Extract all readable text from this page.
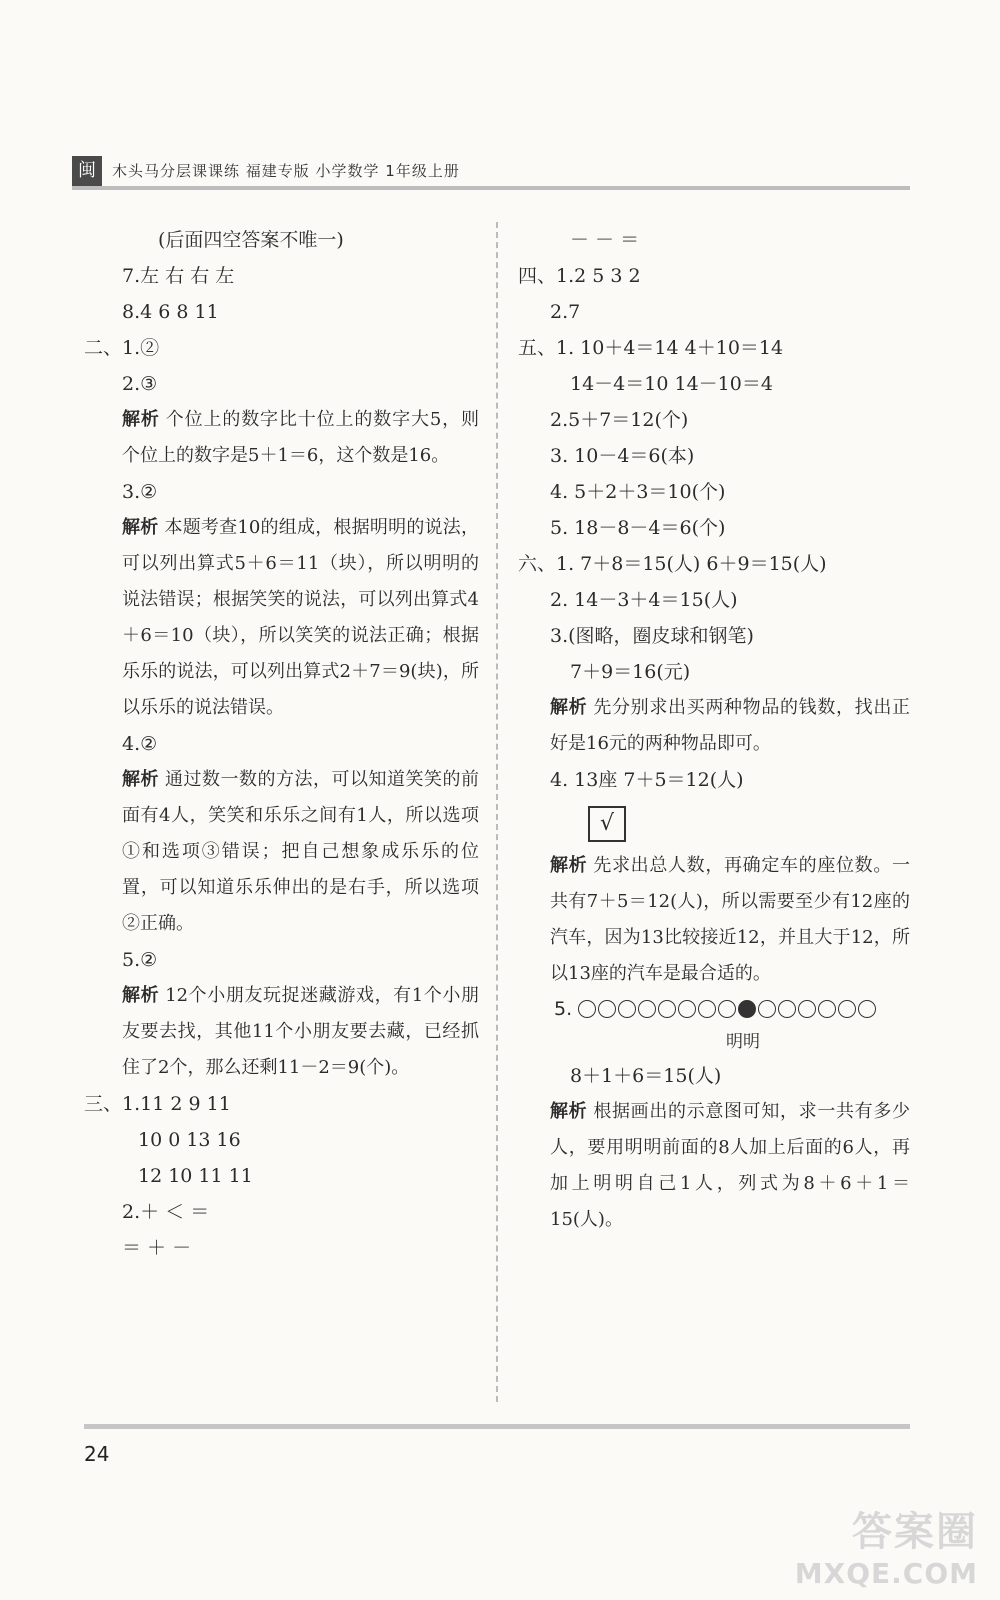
闽	木头马分层课课练 福建专版 小学数学 1年级上册
(后面四空答案不唯一)
7.左 右 右 左
8.4 6 8 11
二、1.②
2.③
解析 个位上的数字比十位上的数字大5，则个位上的数字是5＋1＝6，这个数是16。
3.②
解析 本题考查10的组成，根据明明的说法，可以列出算式5＋6＝11（块），所以明明的说法错误；根据笑笑的说法，可以列出算式4＋6＝10（块），所以笑笑的说法正确；根据乐乐的说法，可以列出算式2＋7＝9(块)，所以乐乐的说法错误。
4.②
解析 通过数一数的方法，可以知道笑笑的前面有4人，笑笑和乐乐之间有1人，所以选项①和选项③错误；把自己想象成乐乐的位置，可以知道乐乐伸出的是右手，所以选项②正确。
5.②
解析 12个小朋友玩捉迷藏游戏，有1个小朋友要去找，其他11个小朋友要去藏，已经抓住了2个，那么还剩11－2＝9(个)。
三、1.11 2 9 11
10 0 13 16
12 10 11 11
2.＋ ＜ ＝
＝ ＋ －
－ － ＝
四、1.2 5 3 2
2.7
五、1. 10＋4＝14 4＋10＝14
14－4＝10 14－10＝4
2.5＋7＝12(个)
3. 10－4＝6(本)
4. 5＋2＋3＝10(个)
5. 18－8－4＝6(个)
六、1. 7＋8＝15(人) 6＋9＝15(人)
2. 14－3＋4＝15(人)
3.(图略，圈皮球和钢笔)
7＋9＝16(元)
解析 先分别求出买两种物品的钱数，找出正好是16元的两种物品即可。
4. 13座 7＋5＝12(人)
√
解析 先求出总人数，再确定车的座位数。一共有7＋5＝12(人)，所以需要至少有12座的汽车，因为13比较接近12，并且大于12，所以13座的汽车是最合适的。
5.
明明
8＋1＋6＝15(人)
解析 根据画出的示意图可知，求一共有多少人，要用明明前面的8人加上后面的6人，再加上明明自己1人，列式为8＋6＋1＝15(人)。
24
答案圈
MXQE.COM
